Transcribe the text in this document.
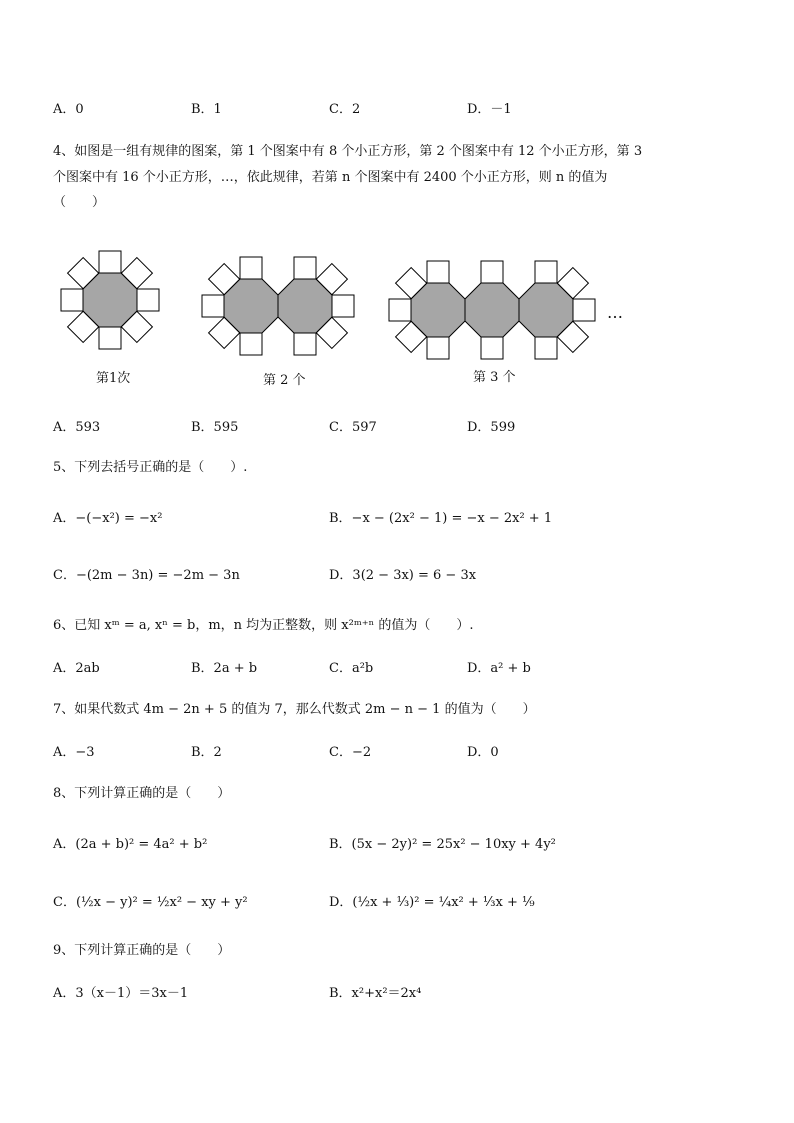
A．0	B．1	C．2	D．－1
4、如图是一组有规律的图案，第 1 个图案中有 8 个小正方形，第 2 个图案中有 12 个小正方形，第 3
个图案中有 16 个小正方形，…，依此规律，若第 n 个图案中有 2400 个小正方形，则 n 的值为
（　　）
第1次	第 2 个	第 3 个
…
A．593	B．595	C．597	D．599
5、下列去括号正确的是（　　）.
A．−(−x²) = −x²	B．−x − (2x² − 1) = −x − 2x² + 1
C．−(2m − 3n) = −2m − 3n	D．3(2 − 3x) = 6 − 3x
6、已知 xᵐ = a, xⁿ = b，m，n 均为正整数，则 x²ᵐ⁺ⁿ 的值为（　　）.
A．2ab	B．2a + b	C．a²b	D．a² + b
7、如果代数式 4m − 2n + 5 的值为 7，那么代数式 2m − n − 1 的值为（　　）
A．−3	B．2	C．−2	D．0
8、下列计算正确的是（　　）
A．(2a + b)² = 4a² + b²	B．(5x − 2y)² = 25x² − 10xy + 4y²
C．(½x − y)² = ½x² − xy + y²	D．(½x + ⅓)² = ¼x² + ⅓x + ⅑
9、下列计算正确的是（　　）
A．3（x－1）＝3x－1	B．x²+x²＝2x⁴
